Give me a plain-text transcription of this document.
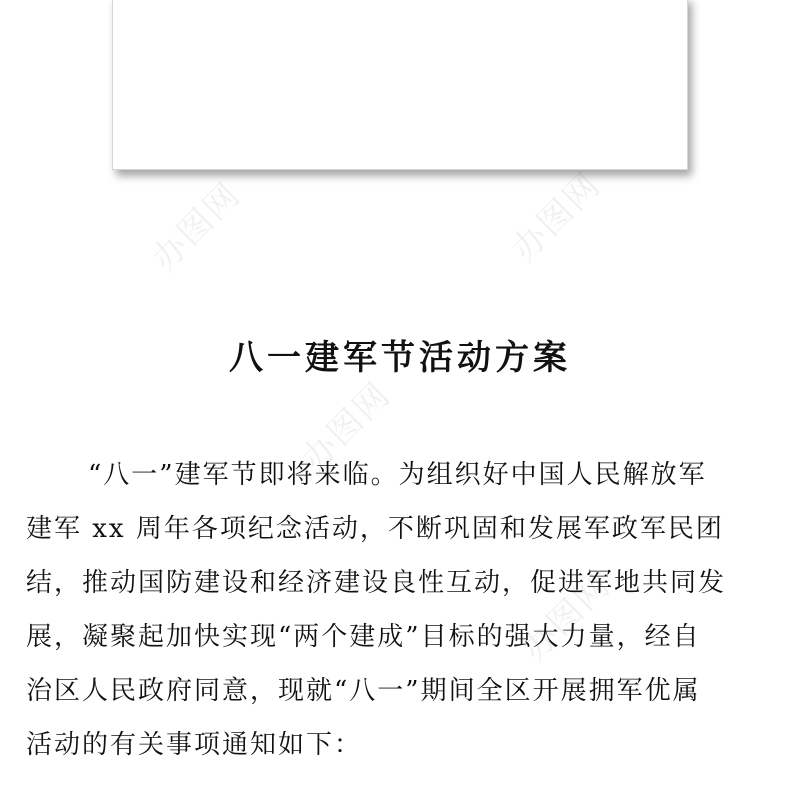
办图网	办图网
办图网
办图网
八一建军节活动方案
“八一”建军节即将来临。为组织好中国人民解放军
建军 xx 周年各项纪念活动，不断巩固和发展军政军民团
结，推动国防建设和经济建设良性互动，促进军地共同发
展，凝聚起加快实现“两个建成”目标的强大力量，经自
治区人民政府同意，现就“八一”期间全区开展拥军优属
活动的有关事项通知如下：
